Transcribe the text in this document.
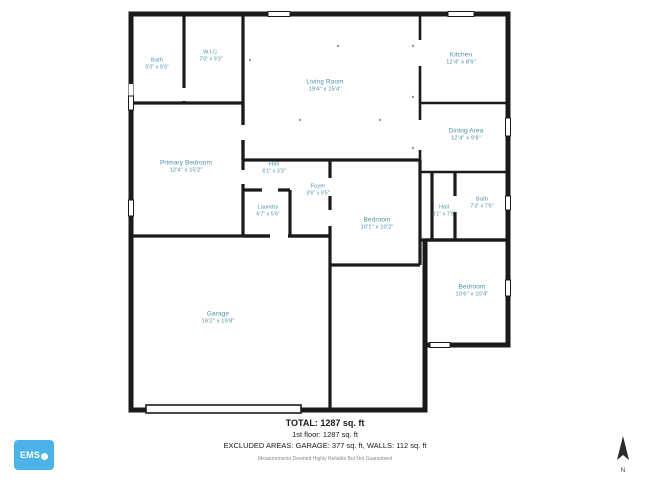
Bath
5'0" x 9'3"
W.I.C.
7'0" x 9'3"
Living Room
19'4" x 15'4"
Kitchen
12'4" x 8'9"
Dining Area
12'4" x 9'8"
Primary Bedroom
12'4" x 15'2"
Hall
6'1" x 3'3"
Foyer
3'6" x 9'5"
Laundry
6'7" x 5'6"
Hall
3'1" x 7'9"
Bath
7'3" x 7'6"
Bedroom
10'1" x 10'2"
Bedroom
10'6" x 10'4"
Garage
19'2" x 19'8"
TOTAL: 1287 sq. ft
1st floor: 1287 sq. ft
EXCLUDED AREAS: GARAGE: 377 sq. ft, WALLS: 112 sq. ft
Measurements Deemed Highly Reliable But Not Guaranteed
EMS
N
